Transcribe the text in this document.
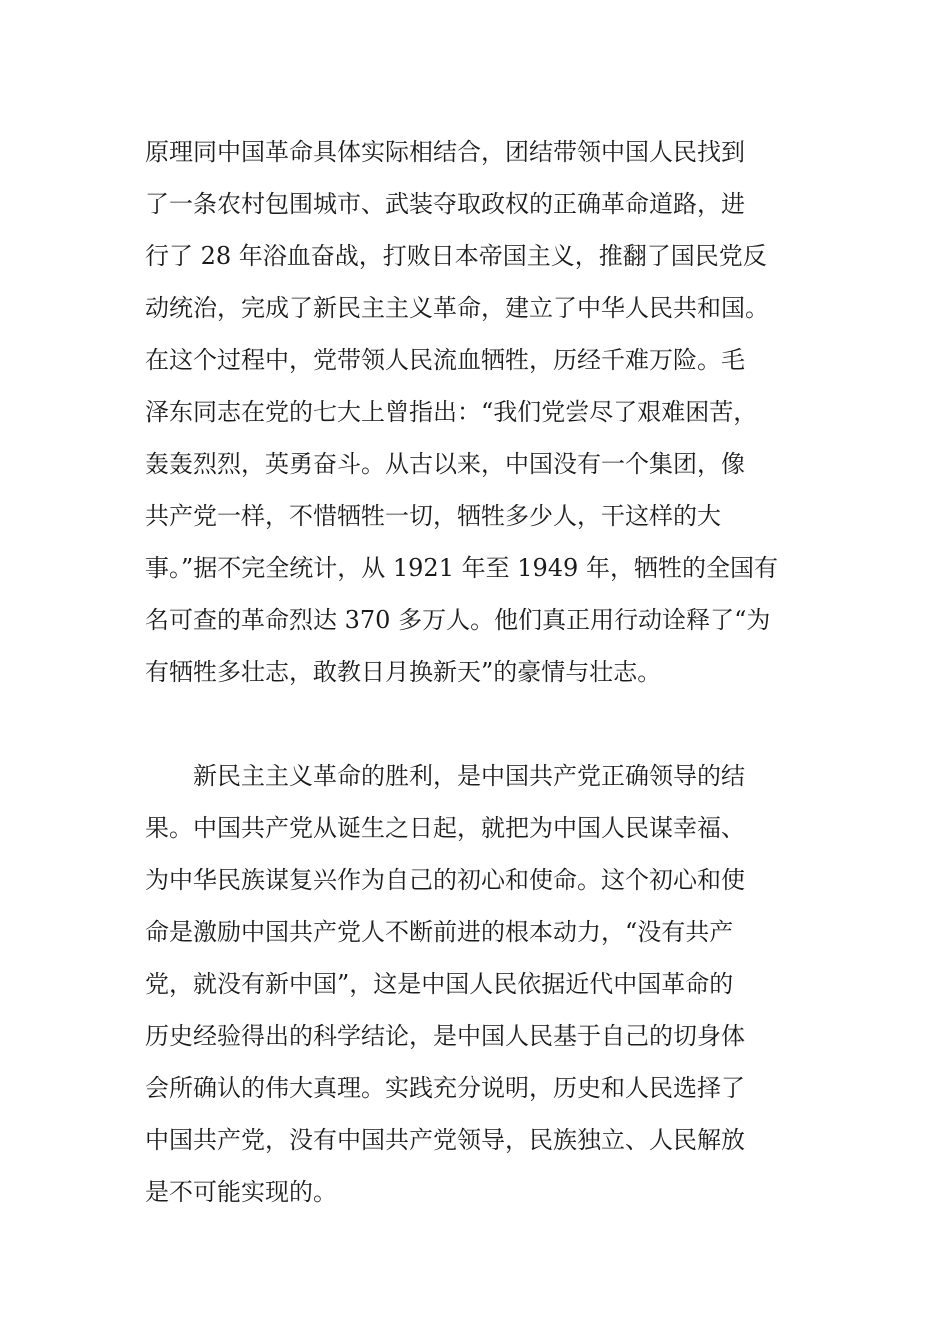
原理同中国革命具体实际相结合，团结带领中国人民找到
了一条农村包围城市、武装夺取政权的正确革命道路，进
行了 28 年浴血奋战，打败日本帝国主义，推翻了国民党反
动统治，完成了新民主主义革命，建立了中华人民共和国。
在这个过程中，党带领人民流血牺牲，历经千难万险。毛
泽东同志在党的七大上曾指出：“我们党尝尽了艰难困苦，
轰轰烈烈，英勇奋斗。从古以来，中国没有一个集团，像
共产党一样，不惜牺牲一切，牺牲多少人，干这样的大
事。”据不完全统计，从 1921 年至 1949 年，牺牲的全国有
名可查的革命烈达 370 多万人。他们真正用行动诠释了“为
有牺牲多壮志，敢教日月换新天”的豪情与壮志。
　　新民主主义革命的胜利，是中国共产党正确领导的结
果。中国共产党从诞生之日起，就把为中国人民谋幸福、
为中华民族谋复兴作为自己的初心和使命。这个初心和使
命是激励中国共产党人不断前进的根本动力，“没有共产
党，就没有新中国”，这是中国人民依据近代中国革命的
历史经验得出的科学结论，是中国人民基于自己的切身体
会所确认的伟大真理。实践充分说明，历史和人民选择了
中国共产党，没有中国共产党领导，民族独立、人民解放
是不可能实现的。
